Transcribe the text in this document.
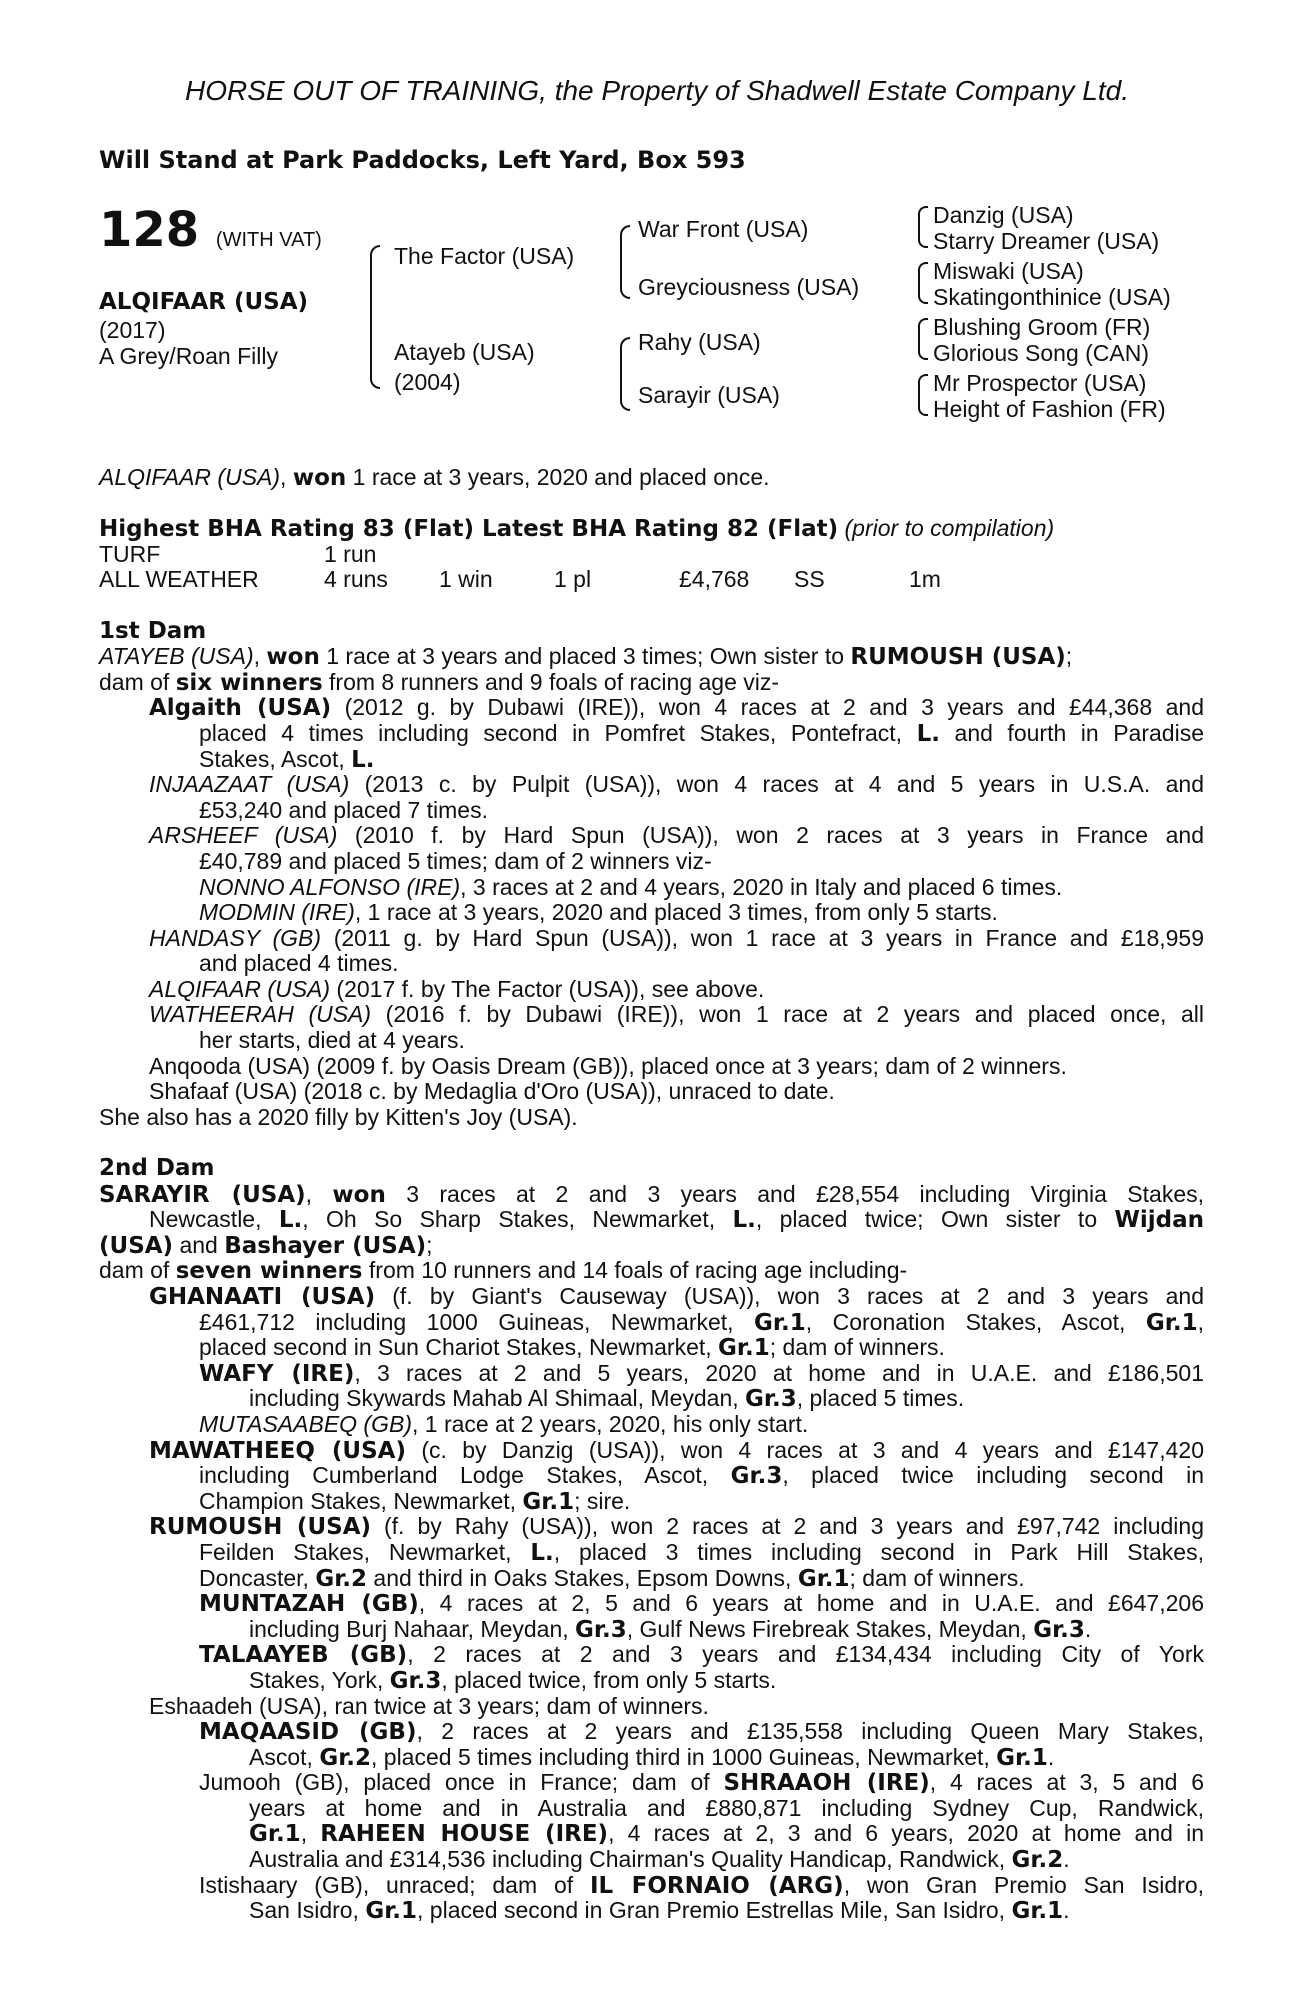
HORSE OUT OF TRAINING, the Property of Shadwell Estate Company Ltd.
Will Stand at Park Paddocks, Left Yard, Box 593
128 (WITH VAT)
ALQIFAAR (USA)
(2017)
A Grey/Roan Filly
The Factor (USA)
Atayeb (USA)
(2004)
War Front (USA)
Greyciousness (USA)
Rahy (USA)
Sarayir (USA)
Danzig (USA)
Starry Dreamer (USA)
Miswaki (USA)
Skatingonthinice (USA)
Blushing Groom (FR)
Glorious Song (CAN)
Mr Prospector (USA)
Height of Fashion (FR)
ALQIFAAR (USA), won 1 race at 3 years, 2020 and placed once.
Highest BHA Rating 83 (Flat) Latest BHA Rating 82 (Flat) (prior to compilation)
TURF	1 run
ALL WEATHER	4 runs 1 win	1 pl	£4,768 SS	1m
1st Dam
ATAYEB (USA), won 1 race at 3 years and placed 3 times; Own sister to RUMOUSH (USA);
dam of six winners from 8 runners and 9 foals of racing age viz-
Algaith (USA) (2012 g. by Dubawi (IRE)), won 4 races at 2 and 3 years and £44,368 and
placed 4 times including second in Pomfret Stakes, Pontefract, L. and fourth in Paradise
Stakes, Ascot, L.
INJAAZAAT (USA) (2013 c. by Pulpit (USA)), won 4 races at 4 and 5 years in U.S.A. and
£53,240 and placed 7 times.
ARSHEEF (USA) (2010 f. by Hard Spun (USA)), won 2 races at 3 years in France and
£40,789 and placed 5 times; dam of 2 winners viz-
NONNO ALFONSO (IRE), 3 races at 2 and 4 years, 2020 in Italy and placed 6 times.
MODMIN (IRE), 1 race at 3 years, 2020 and placed 3 times, from only 5 starts.
HANDASY (GB) (2011 g. by Hard Spun (USA)), won 1 race at 3 years in France and £18,959
and placed 4 times.
ALQIFAAR (USA) (2017 f. by The Factor (USA)), see above.
WATHEERAH (USA) (2016 f. by Dubawi (IRE)), won 1 race at 2 years and placed once, all
her starts, died at 4 years.
Anqooda (USA) (2009 f. by Oasis Dream (GB)), placed once at 3 years; dam of 2 winners.
Shafaaf (USA) (2018 c. by Medaglia d'Oro (USA)), unraced to date.
She also has a 2020 filly by Kitten's Joy (USA).
2nd Dam
SARAYIR (USA), won 3 races at 2 and 3 years and £28,554 including Virginia Stakes,
Newcastle, L., Oh So Sharp Stakes, Newmarket, L., placed twice; Own sister to Wijdan
(USA) and Bashayer (USA);
dam of seven winners from 10 runners and 14 foals of racing age including-
GHANAATI (USA) (f. by Giant's Causeway (USA)), won 3 races at 2 and 3 years and
£461,712 including 1000 Guineas, Newmarket, Gr.1, Coronation Stakes, Ascot, Gr.1,
placed second in Sun Chariot Stakes, Newmarket, Gr.1; dam of winners.
WAFY (IRE), 3 races at 2 and 5 years, 2020 at home and in U.A.E. and £186,501
including Skywards Mahab Al Shimaal, Meydan, Gr.3, placed 5 times.
MUTASAABEQ (GB), 1 race at 2 years, 2020, his only start.
MAWATHEEQ (USA) (c. by Danzig (USA)), won 4 races at 3 and 4 years and £147,420
including Cumberland Lodge Stakes, Ascot, Gr.3, placed twice including second in
Champion Stakes, Newmarket, Gr.1; sire.
RUMOUSH (USA) (f. by Rahy (USA)), won 2 races at 2 and 3 years and £97,742 including
Feilden Stakes, Newmarket, L., placed 3 times including second in Park Hill Stakes,
Doncaster, Gr.2 and third in Oaks Stakes, Epsom Downs, Gr.1; dam of winners.
MUNTAZAH (GB), 4 races at 2, 5 and 6 years at home and in U.A.E. and £647,206
including Burj Nahaar, Meydan, Gr.3, Gulf News Firebreak Stakes, Meydan, Gr.3.
TALAAYEB (GB), 2 races at 2 and 3 years and £134,434 including City of York
Stakes, York, Gr.3, placed twice, from only 5 starts.
Eshaadeh (USA), ran twice at 3 years; dam of winners.
MAQAASID (GB), 2 races at 2 years and £135,558 including Queen Mary Stakes,
Ascot, Gr.2, placed 5 times including third in 1000 Guineas, Newmarket, Gr.1.
Jumooh (GB), placed once in France; dam of SHRAAOH (IRE), 4 races at 3, 5 and 6
years at home and in Australia and £880,871 including Sydney Cup, Randwick,
Gr.1, RAHEEN HOUSE (IRE), 4 races at 2, 3 and 6 years, 2020 at home and in
Australia and £314,536 including Chairman's Quality Handicap, Randwick, Gr.2.
Istishaary (GB), unraced; dam of IL FORNAIO (ARG), won Gran Premio San Isidro,
San Isidro, Gr.1, placed second in Gran Premio Estrellas Mile, San Isidro, Gr.1.
